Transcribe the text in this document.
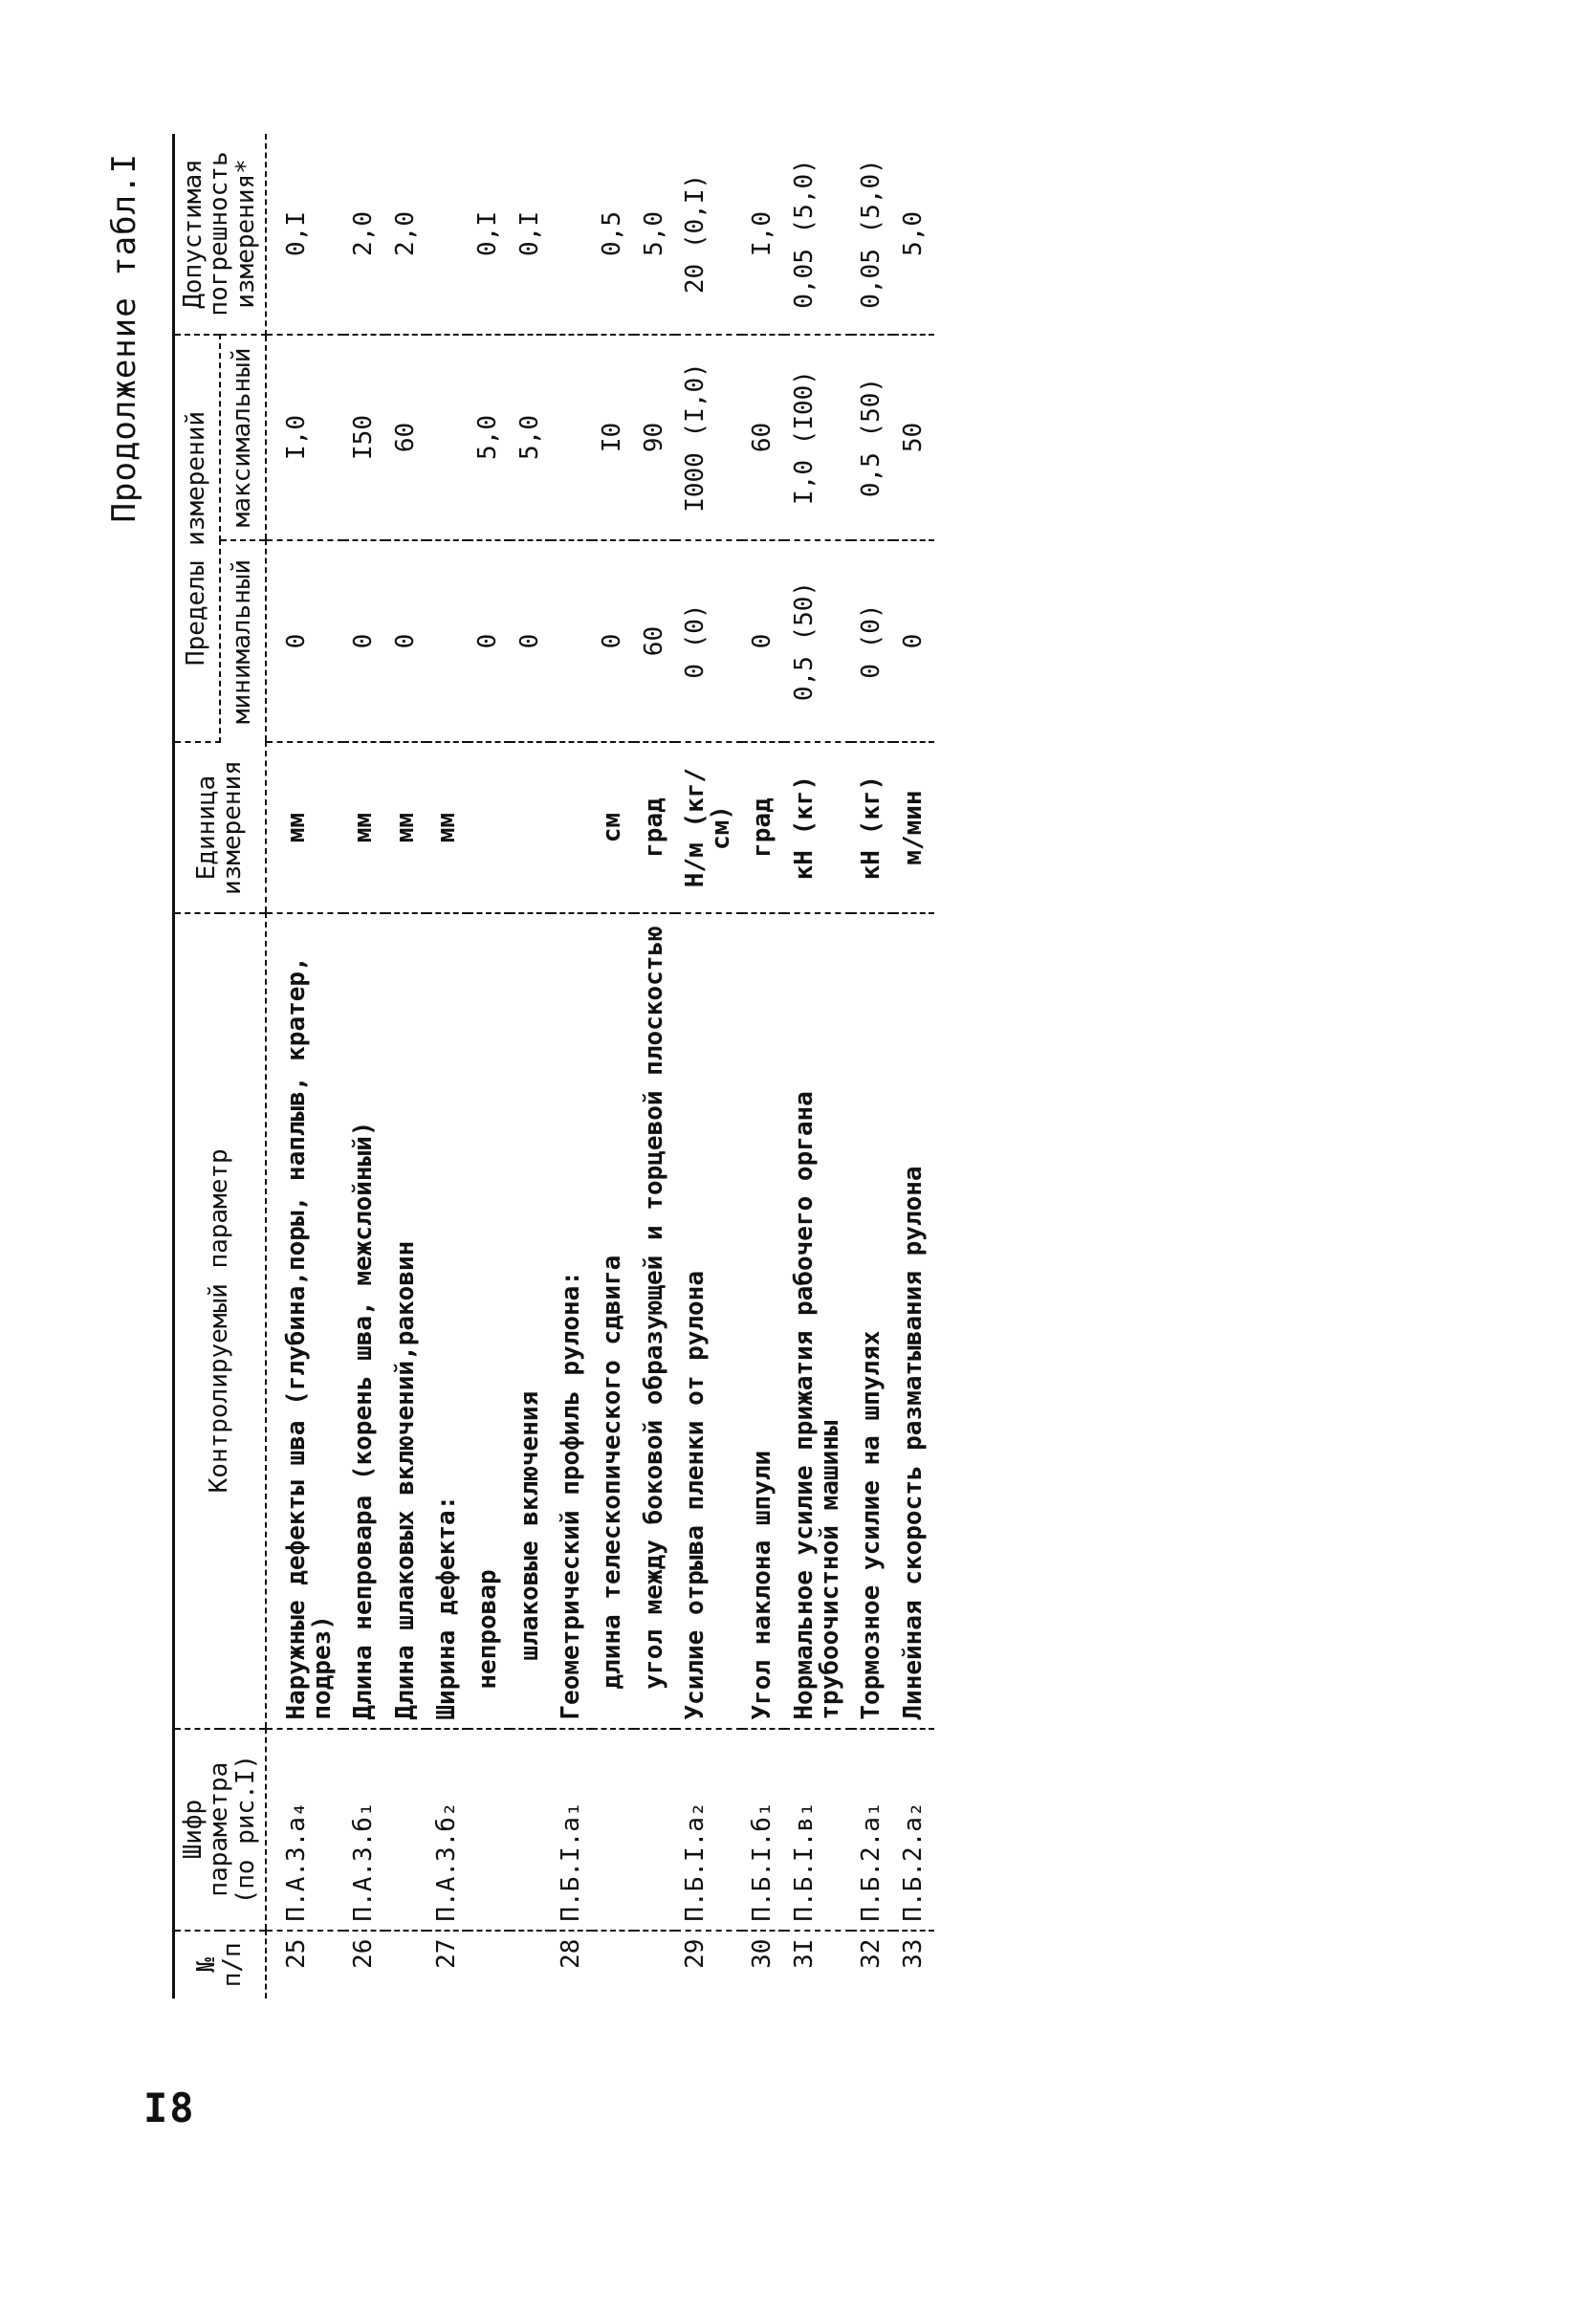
I8
Продолжение табл.I
№ п/п	Шифр параметра (по рис.I)	Контролируемый параметр	Единица измерения	Пределы измерений		Допустимая погрешность измерения*
				минимальный	максимальный	
25	П.А.3.а₄	Наружные дефекты шва (глубина,поры, наплыв, кратер, подрез)	мм	0	I,0	0,I
26	П.А.3.б₁	Длина непровара (корень шва, межслойный)	мм	0	I50	2,0
		Длина шлаковых включений,раковин	мм	0	60	2,0
27	П.А.3.б₂	Ширина дефекта:	мм			
		непровар		0	5,0	0,I
		шлаковые включения		0	5,0	0,I
28	П.Б.I.а₁	Геометрический профиль рулона:				
		длина телескопического сдвига	см	0	I0	0,5
		угол между боковой образующей и торцевой плоскостью	град	60	90	5,0
29	П.Б.I.а₂	Усилие отрыва пленки от рулона	Н/м (кг/см)	0 (0)	I000 (I,0)	20 (0,I)
30	П.Б.I.б₁	Угол наклона шпули	град	0	60	I,0
3I	П.Б.I.в₁	Нормальное усилие прижатия рабочего органа трубоочистной машины	кН (кг)	0,5 (50)	I,0 (I00)	0,05 (5,0)
32	П.Б.2.а₁	Тормозное усилие на шпулях	кН (кг)	0 (0)	0,5 (50)	0,05 (5,0)
33	П.Б.2.а₂	Линейная скорость разматывания рулона	м/мин	0	50	5,0
